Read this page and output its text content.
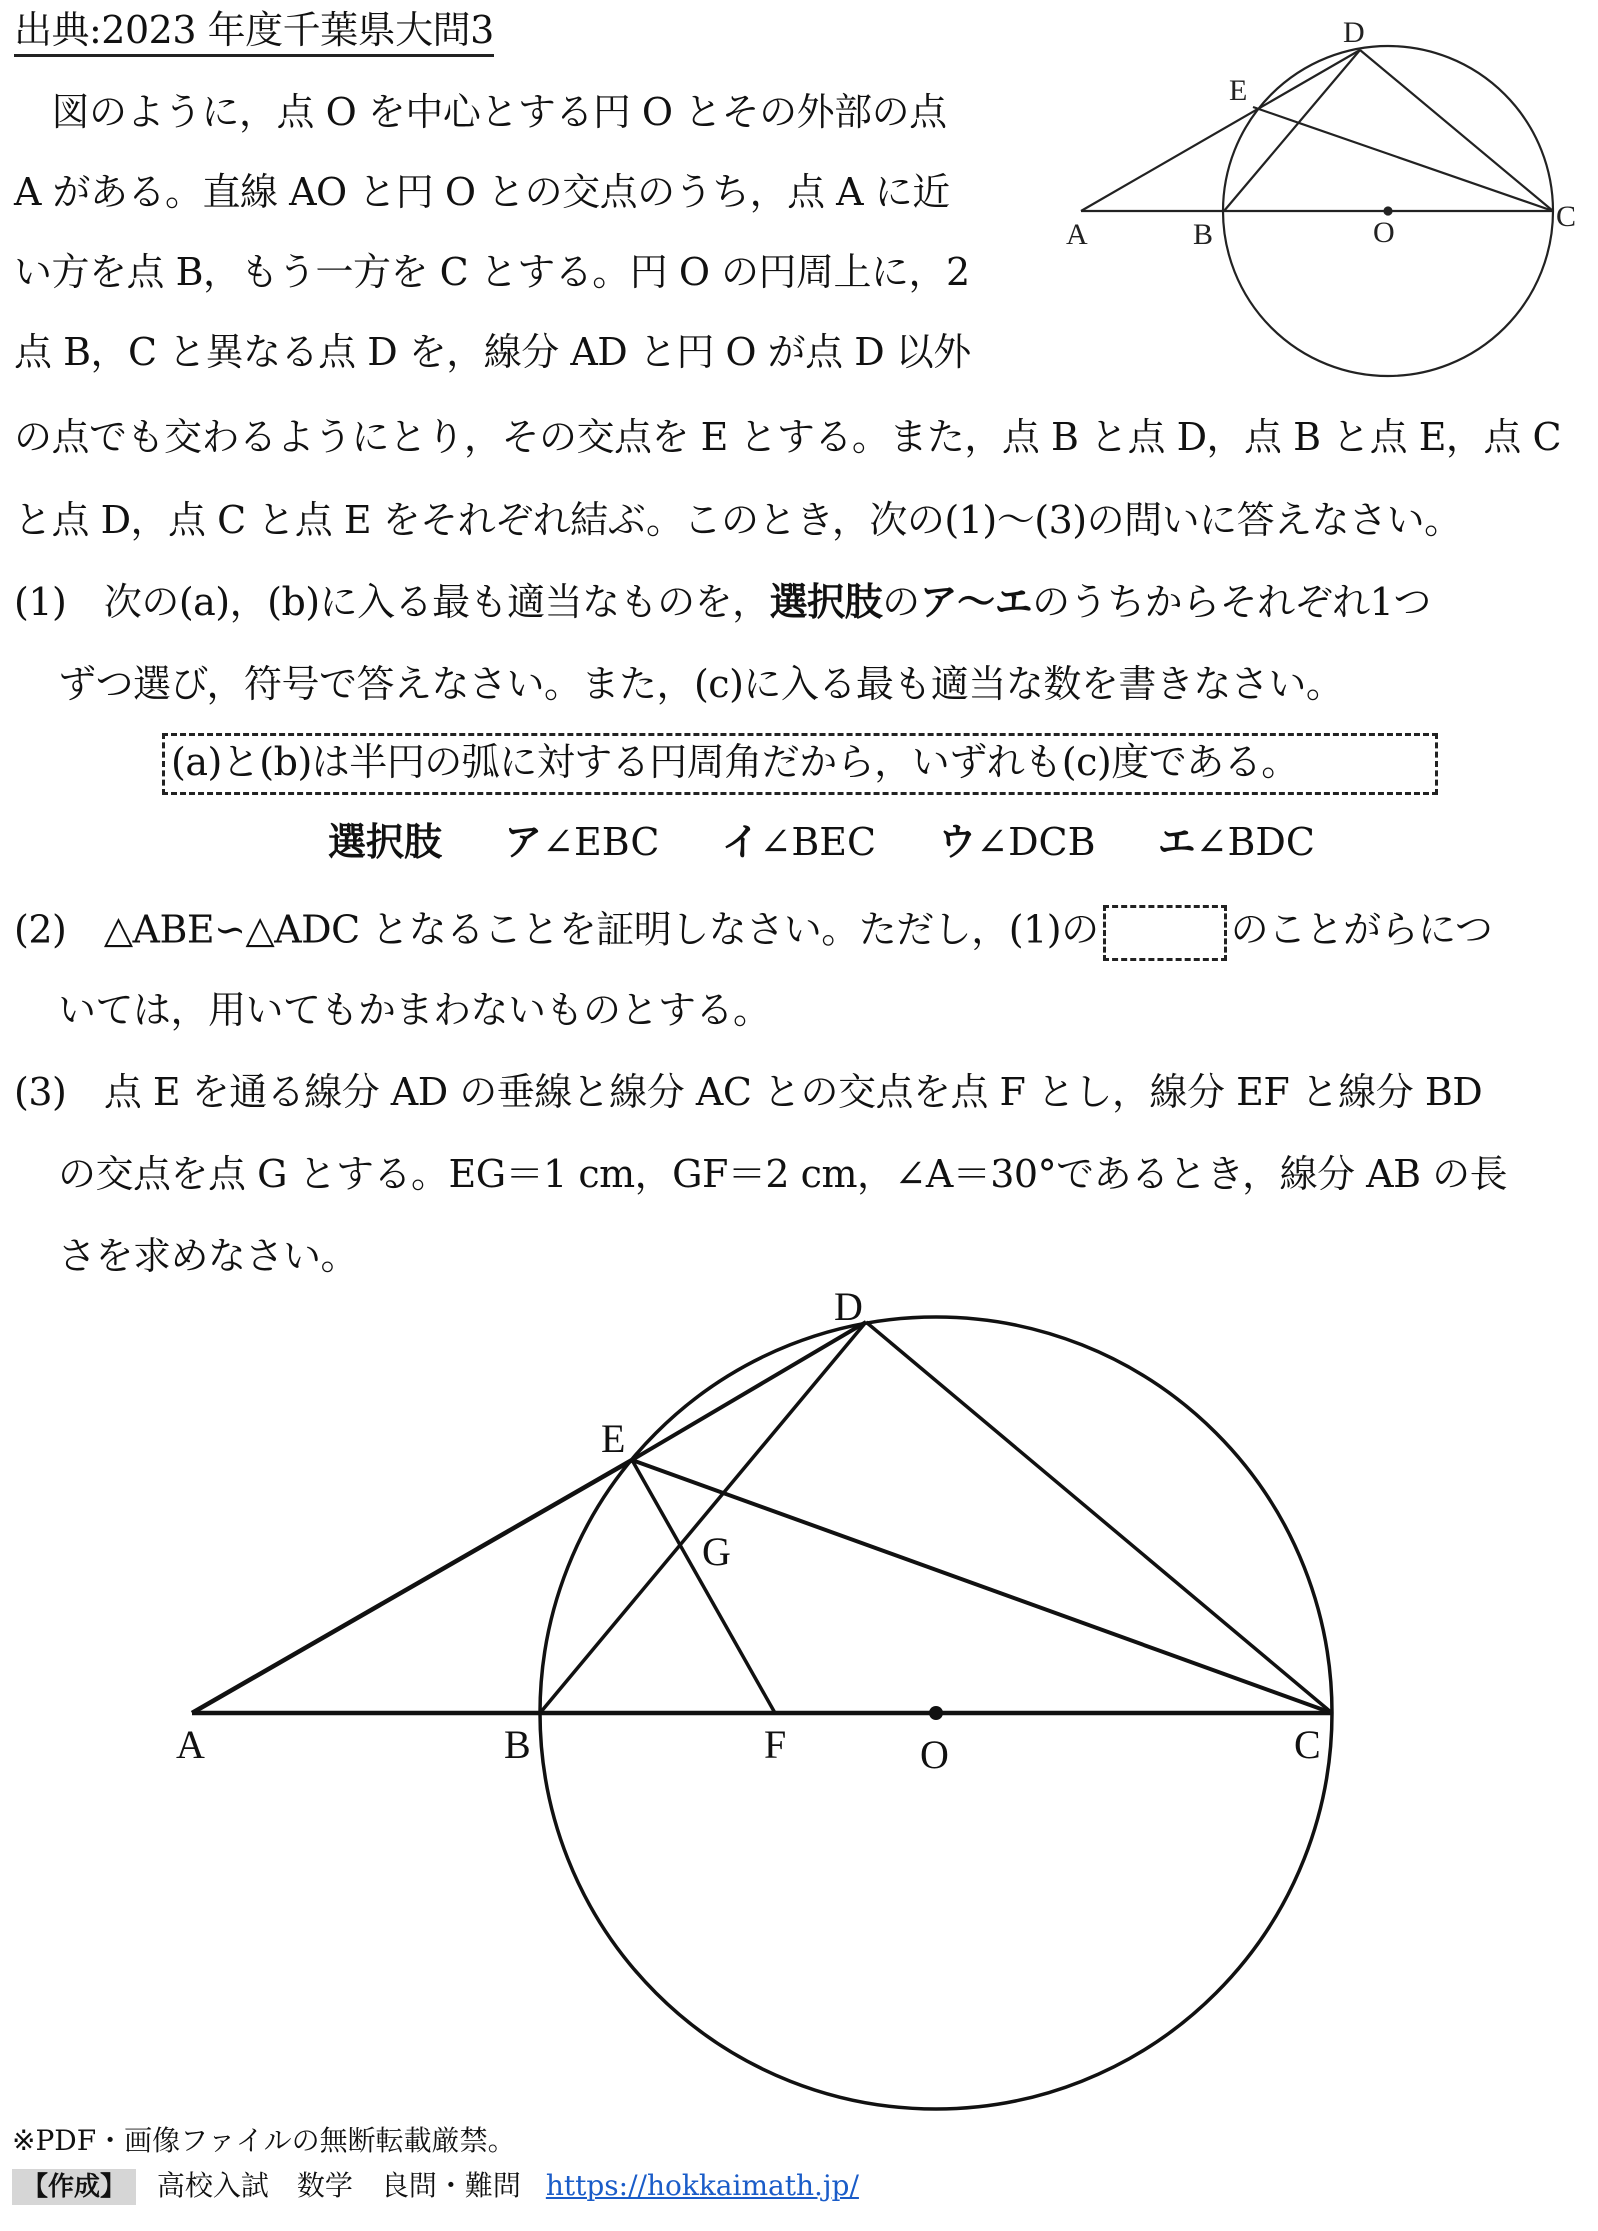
出典:2023 年度千葉県大問3
　図のように，点 O を中心とする円 O とその外部の点
A がある。直線 AO と円 O との交点のうち，点 A に近
い方を点 B，もう一方を C とする。円 O の円周上に，2
点 B，C と異なる点 D を，線分 AD と円 O が点 D 以外
の点でも交わるようにとり，その交点を E とする。また，点 B と点 D，点 B と点 E，点 C
と点 D，点 C と点 E をそれぞれ結ぶ。このとき，次の(1)～(3)の問いに答えなさい。
(1)　次の(a)，(b)に入る最も適当なものを，選択肢のア～エのうちからそれぞれ1つ
ずつ選び，符号で答えなさい。また，(c)に入る最も適当な数を書きなさい。
(a)と(b)は半円の弧に対する円周角だから，いずれも(c)度である。
選択肢 ア∠EBC イ∠BEC ウ∠DCB エ∠BDC
(2)　△ABE∽△ADC となることを証明しなさい。ただし，(1)の	のことがらにつ
いては，用いてもかまわないものとする。
(3)　点 E を通る線分 AD の垂線と線分 AC との交点を点 F とし，線分 EF と線分 BD
の交点を点 G とする。EG＝1 cm，GF＝2 cm，∠A＝30°であるとき，線分 AB の長
さを求めなさい。
A	B
C
D
E
O
A	B	F	O	C
D
E
G
※PDF・画像ファイルの無断転載厳禁。
【作成】 高校入試　数学　良問・難問 https://hokkaimath.jp/
